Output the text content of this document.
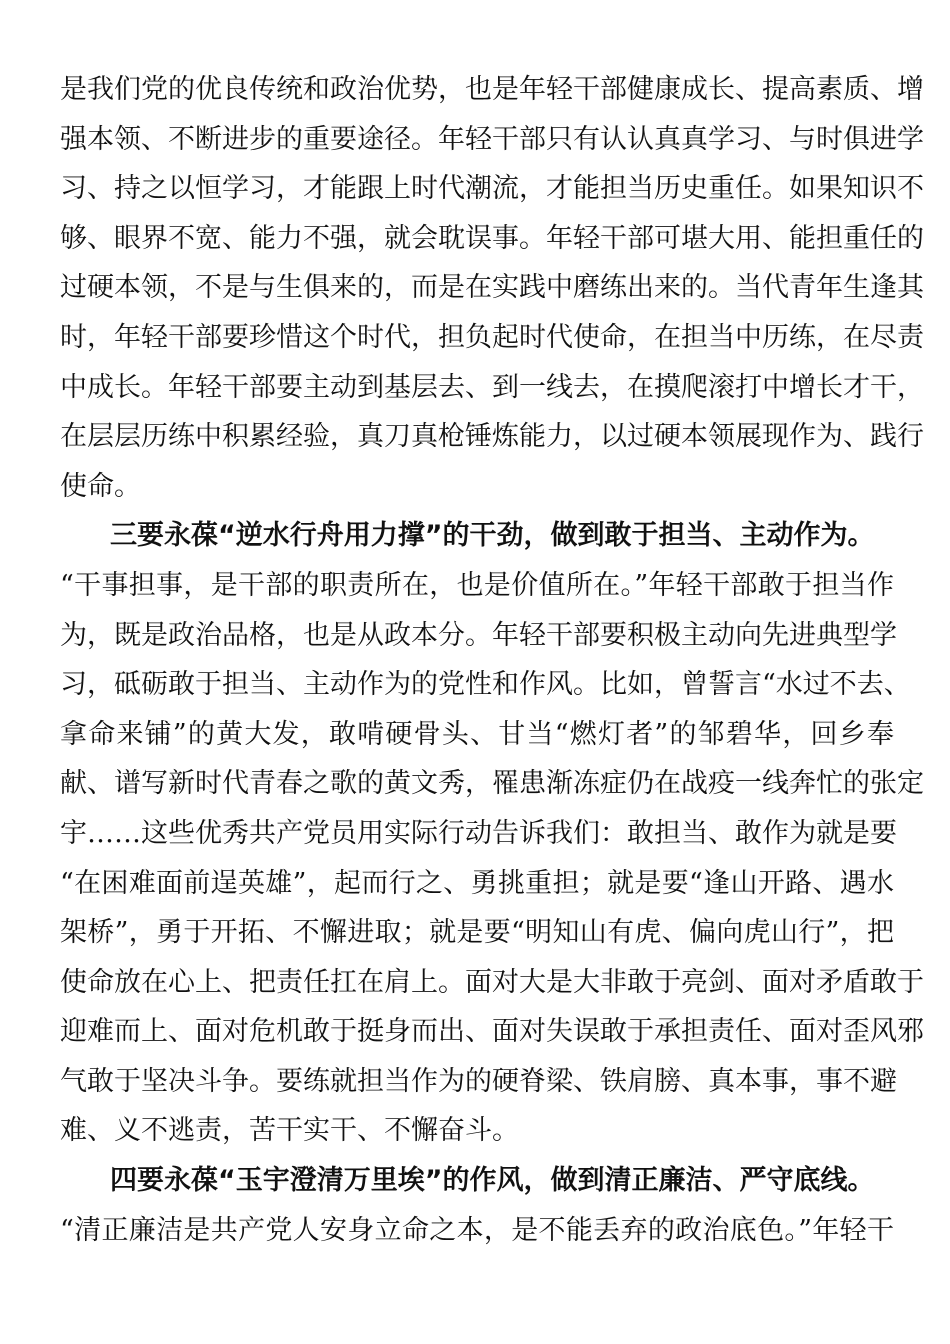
是我们党的优良传统和政治优势，也是年轻干部健康成长、提高素质、增
强本领、不断进步的重要途径。年轻干部只有认认真真学习、与时俱进学
习、持之以恒学习，才能跟上时代潮流，才能担当历史重任。如果知识不
够、眼界不宽、能力不强，就会耽误事。年轻干部可堪大用、能担重任的
过硬本领，不是与生俱来的，而是在实践中磨练出来的。当代青年生逢其
时，年轻干部要珍惜这个时代，担负起时代使命，在担当中历练，在尽责
中成长。年轻干部要主动到基层去、到一线去，在摸爬滚打中增长才干，
在层层历练中积累经验，真刀真枪锤炼能力，以过硬本领展现作为、践行
使命。
三要永葆“逆水行舟用力撑”的干劲，做到敢于担当、主动作为。
“干事担事，是干部的职责所在，也是价值所在。”年轻干部敢于担当作
为，既是政治品格，也是从政本分。年轻干部要积极主动向先进典型学
习，砥砺敢于担当、主动作为的党性和作风。比如，曾誓言“水过不去、
拿命来铺”的黄大发，敢啃硬骨头、甘当“燃灯者”的邹碧华，回乡奉
献、谱写新时代青春之歌的黄文秀，罹患渐冻症仍在战疫一线奔忙的张定
宇……这些优秀共产党员用实际行动告诉我们：敢担当、敢作为就是要
“在困难面前逞英雄”，起而行之、勇挑重担；就是要“逢山开路、遇水
架桥”，勇于开拓、不懈进取；就是要“明知山有虎、偏向虎山行”，把
使命放在心上、把责任扛在肩上。面对大是大非敢于亮剑、面对矛盾敢于
迎难而上、面对危机敢于挺身而出、面对失误敢于承担责任、面对歪风邪
气敢于坚决斗争。要练就担当作为的硬脊梁、铁肩膀、真本事，事不避
难、义不逃责，苦干实干、不懈奋斗。
四要永葆“玉宇澄清万里埃”的作风，做到清正廉洁、严守底线。
“清正廉洁是共产党人安身立命之本，是不能丢弃的政治底色。”年轻干
